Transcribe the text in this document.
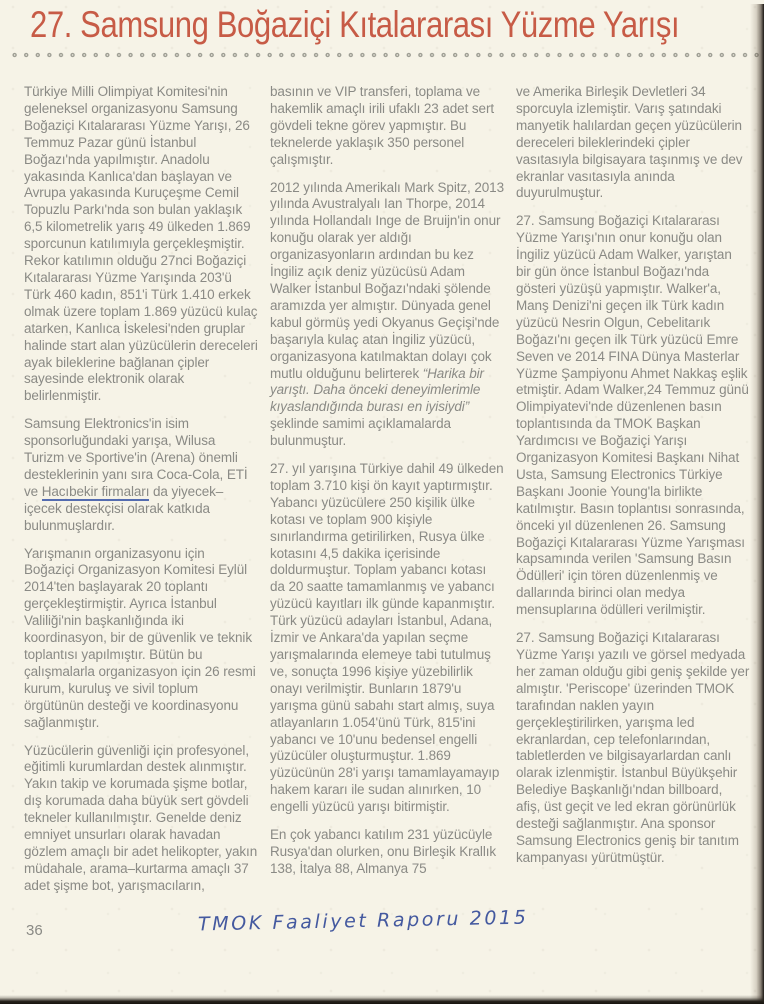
27. Samsung Boğaziçi Kıtalararası Yüzme Yarışı

Türkiye Milli Olimpiyat Komitesi'nin geleneksel organizasyonu Samsung Boğaziçi Kıtalararası Yüzme Yarışı, 26 Temmuz Pazar günü İstanbul Boğazı'nda yapılmıştır. Anadolu yakasında Kanlıca'dan başlayan ve Avrupa yakasında Kuruçeşme Cemil Topuzlu Parkı'nda son bulan yaklaşık 6,5 kilometrelik yarış 49 ülkeden 1.869 sporcunun katılımıyla gerçekleşmiştir. Rekor katılımın olduğu 27nci Boğaziçi Kıtalararası Yüzme Yarışında 203'ü Türk 460 kadın, 851'i Türk 1.410 erkek olmak üzere toplam 1.869 yüzücü kulaç atarken, Kanlıca İskelesi'nden gruplar halinde start alan yüzücülerin dereceleri ayak bileklerine bağlanan çipler sayesinde elektronik olarak belirlenmiştir.

Samsung Elektronics'in isim sponsorluğundaki yarışa, Wilusa Turizm ve Sportive'in (Arena) önemli desteklerinin yanı sıra Coca-Cola, ETİ ve Hacıbekir firmaları da yiyecek–içecek destekçisi olarak katkıda bulunmuşlardır.

Yarışmanın organizasyonu için Boğaziçi Organizasyon Komitesi Eylül 2014'ten başlayarak 20 toplantı gerçekleştirmiştir. Ayrıca İstanbul Valiliği'nin başkanlığında iki koordinasyon, bir de güvenlik ve teknik toplantısı yapılmıştır. Bütün bu çalışmalarla organizasyon için 26 resmi kurum, kuruluş ve sivil toplum örgütünün desteği ve koordinasyonu sağlanmıştır.

Yüzücülerin güvenliği için profesyonel, eğitimli kurumlardan destek alınmıştır. Yakın takip ve korumada şişme botlar, dış korumada daha büyük sert gövdeli tekneler kullanılmıştır. Genelde deniz emniyet unsurları olarak havadan gözlem amaçlı bir adet helikopter, yakın müdahale, arama–kurtarma amaçlı 37 adet şişme bot, yarışmacıların,

basının ve VIP transferi, toplama ve hakemlik amaçlı irili ufaklı 23 adet sert gövdeli tekne görev yapmıştır. Bu teknelerde yaklaşık 350 personel çalışmıştır.

2012 yılında Amerikalı Mark Spitz, 2013 yılında Avustralyalı Ian Thorpe, 2014 yılında Hollandalı Inge de Bruijn'in onur konuğu olarak yer aldığı organizasyonların ardından bu kez İngiliz açık deniz yüzücüsü Adam Walker İstanbul Boğazı'ndaki şölende aramızda yer almıştır. Dünyada genel kabul görmüş yedi Okyanus Geçişi'nde başarıyla kulaç atan İngiliz yüzücü, organizasyona katılmaktan dolayı çok mutlu olduğunu belirterek “Harika bir yarıştı. Daha önceki deneyimlerimle kıyaslandığında burası en iyisiydi” şeklinde samimi açıklamalarda bulunmuştur.

27. yıl yarışına Türkiye dahil 49 ülkeden toplam 3.710 kişi ön kayıt yaptırmıştır. Yabancı yüzücülere 250 kişilik ülke kotası ve toplam 900 kişiyle sınırlandırma getirilirken, Rusya ülke kotasını 4,5 dakika içerisinde doldurmuştur. Toplam yabancı kotası da 20 saatte tamamlanmış ve yabancı yüzücü kayıtları ilk günde kapanmıştır. Türk yüzücü adayları İstanbul, Adana, İzmir ve Ankara'da yapılan seçme yarışmalarında elemeye tabi tutulmuş ve, sonuçta 1996 kişiye yüzebilirlik onayı verilmiştir. Bunların 1879'u yarışma günü sabahı start almış, suya atlayanların 1.054'ünü Türk, 815'ini yabancı ve 10'unu bedensel engelli yüzücüler oluşturmuştur. 1.869 yüzücünün 28'i yarışı tamamlayamayıp hakem kararı ile sudan alınırken, 10 engelli yüzücü yarışı bitirmiştir.

En çok yabancı katılım 231 yüzücüyle Rusya'dan olurken, onu Birleşik Krallık 138, İtalya 88, Almanya 75

ve Amerika Birleşik Devletleri 34 sporcuyla izlemiştir. Varış şatındaki manyetik halılardan geçen yüzücülerin dereceleri bileklerindeki çipler vasıtasıyla bilgisayara taşınmış ve dev ekranlar vasıtasıyla anında duyurulmuştur.

27. Samsung Boğaziçi Kıtalararası Yüzme Yarışı'nın onur konuğu olan İngiliz yüzücü Adam Walker, yarıştan bir gün önce İstanbul Boğazı'nda gösteri yüzüşü yapmıştır. Walker'a, Manş Denizi'ni geçen ilk Türk kadın yüzücü Nesrin Olgun, Cebelitarık Boğazı'nı geçen ilk Türk yüzücü Emre Seven ve 2014 FINA Dünya Masterlar Yüzme Şampiyonu Ahmet Nakkaş eşlik etmiştir. Adam Walker,24 Temmuz günü Olimpiyatevi'nde düzenlenen basın toplantısında da TMOK Başkan Yardımcısı ve Boğaziçi Yarışı Organizasyon Komitesi Başkanı Nihat Usta, Samsung Electronics Türkiye Başkanı Joonie Young'la birlikte katılmıştır. Basın toplantısı sonrasında, önceki yıl düzenlenen 26. Samsung Boğaziçi Kıtalararası Yüzme Yarışması kapsamında verilen 'Samsung Basın Ödülleri' için tören düzenlenmiş ve dallarında birinci olan medya mensuplarına ödülleri verilmiştir.

27. Samsung Boğaziçi Kıtalararası Yüzme Yarışı yazılı ve görsel medyada her zaman olduğu gibi geniş şekilde yer almıştır. 'Periscope' üzerinden TMOK tarafından naklen yayın gerçekleştirilirken, yarışma led ekranlardan, cep telefonlarından, tabletlerden ve bilgisayarlardan canlı olarak izlenmiştir. İstanbul Büyükşehir Belediye Başkanlığı'ndan billboard, afiş, üst geçit ve led ekran görünürlük desteği sağlanmıştır. Ana sponsor Samsung Electronics geniş bir tanıtım kampanyası yürütmüştür.

36	TMOK Faaliyet Raporu 2015
